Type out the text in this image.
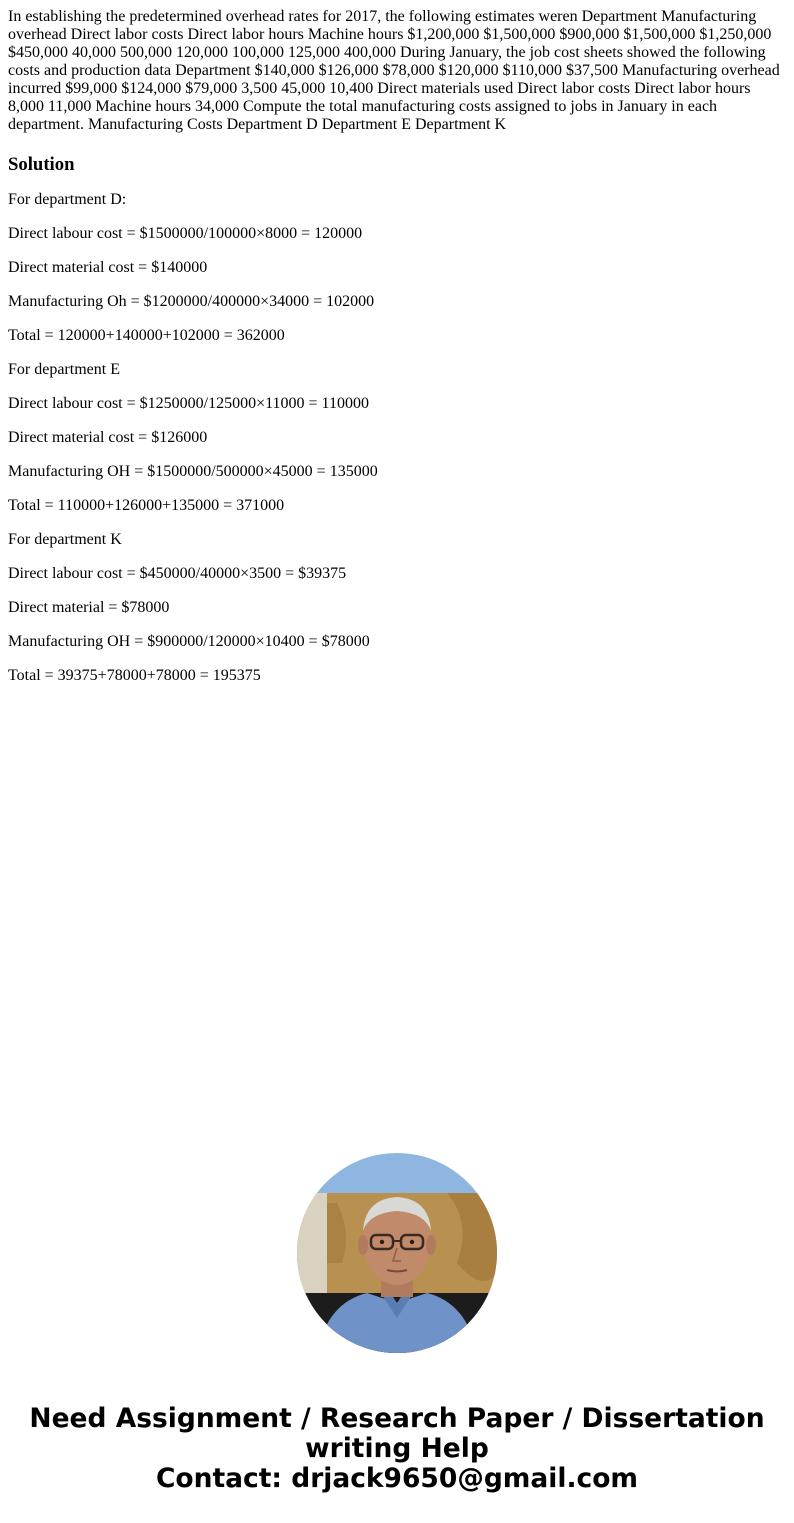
In establishing the predetermined overhead rates for 2017, the following estimates weren Department Manufacturing overhead Direct labor costs Direct labor hours Machine hours $1,200,000 $1,500,000 $900,000 $1,500,000 $1,250,000 $450,000 40,000 500,000 120,000 100,000 125,000 400,000 During January, the job cost sheets showed the following costs and production data Department $140,000 $126,000 $78,000 $120,000 $110,000 $37,500 Manufacturing overhead incurred $99,000 $124,000 $79,000 3,500 45,000 10,400 Direct materials used Direct labor costs Direct labor hours 8,000 11,000 Machine hours 34,000 Compute the total manufacturing costs assigned to jobs in January in each department. Manufacturing Costs Department D Department E Department K

Solution

For department D:

Direct labour cost = $1500000/100000×8000 = 120000

Direct material cost = $140000

Manufacturing Oh = $1200000/400000×34000 = 102000

Total = 120000+140000+102000 = 362000

For department E

Direct labour cost = $1250000/125000×11000 = 110000

Direct material cost = $126000

Manufacturing OH = $1500000/500000×45000 = 135000

Total = 110000+126000+135000 = 371000

For department K

Direct labour cost = $450000/40000×3500 = $39375

Direct material = $78000

Manufacturing OH = $900000/120000×10400 = $78000

Total = 39375+78000+78000 = 195375

Need Assignment / Research Paper / Dissertation
writing Help
Contact: drjack9650@gmail.com
